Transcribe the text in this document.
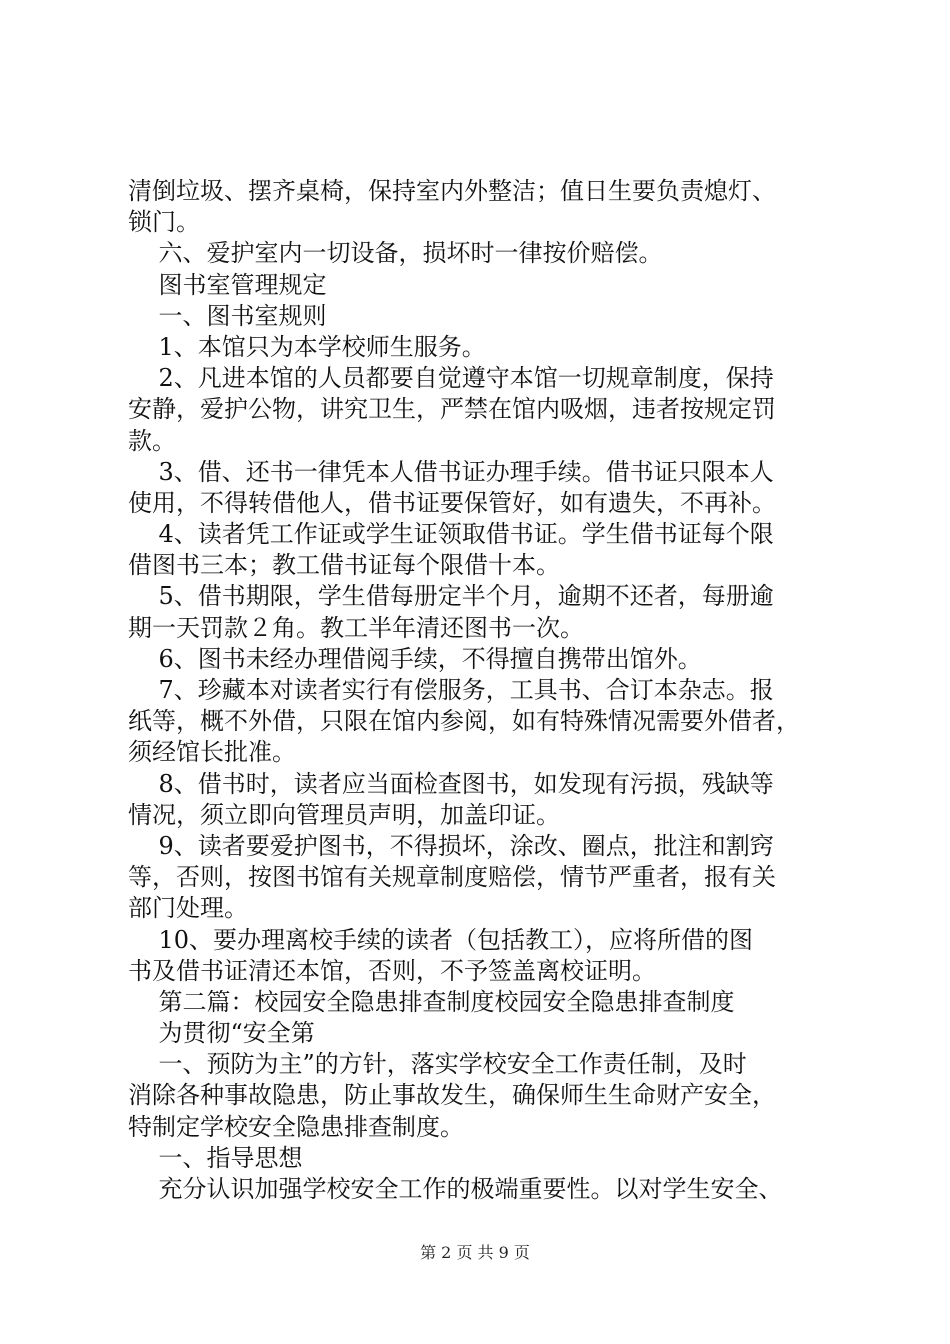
清倒垃圾、摆齐桌椅，保持室内外整洁；值日生要负责熄灯、
锁门。
六、爱护室内一切设备，损坏时一律按价赔偿。
图书室管理规定
一、图书室规则
1、本馆只为本学校师生服务。
2、凡进本馆的人员都要自觉遵守本馆一切规章制度，保持
安静，爱护公物，讲究卫生，严禁在馆内吸烟，违者按规定罚
款。
3、借、还书一律凭本人借书证办理手续。借书证只限本人
使用，不得转借他人，借书证要保管好，如有遗失，不再补。
4、读者凭工作证或学生证领取借书证。学生借书证每个限
借图书三本；教工借书证每个限借十本。
5、借书期限，学生借每册定半个月，逾期不还者，每册逾
期一天罚款２角。教工半年清还图书一次。
6、图书未经办理借阅手续，不得擅自携带出馆外。
7、珍藏本对读者实行有偿服务，工具书、合订本杂志。报
纸等，概不外借，只限在馆内参阅，如有特殊情况需要外借者，
须经馆长批准。
8、借书时，读者应当面检查图书，如发现有污损，残缺等
情况，须立即向管理员声明，加盖印证。
9、读者要爱护图书，不得损坏，涂改、圈点，批注和割窍
等，否则，按图书馆有关规章制度赔偿，情节严重者，报有关
部门处理。
10、要办理离校手续的读者（包括教工），应将所借的图
书及借书证清还本馆，否则，不予签盖离校证明。
第二篇：校园安全隐患排查制度校园安全隐患排查制度
为贯彻“安全第
一、预防为主”的方针，落实学校安全工作责任制，及时
消除各种事故隐患，防止事故发生，确保师生生命财产安全，
特制定学校安全隐患排查制度。
一、指导思想
充分认识加强学校安全工作的极端重要性。以对学生安全、
第 2 页 共 9 页
